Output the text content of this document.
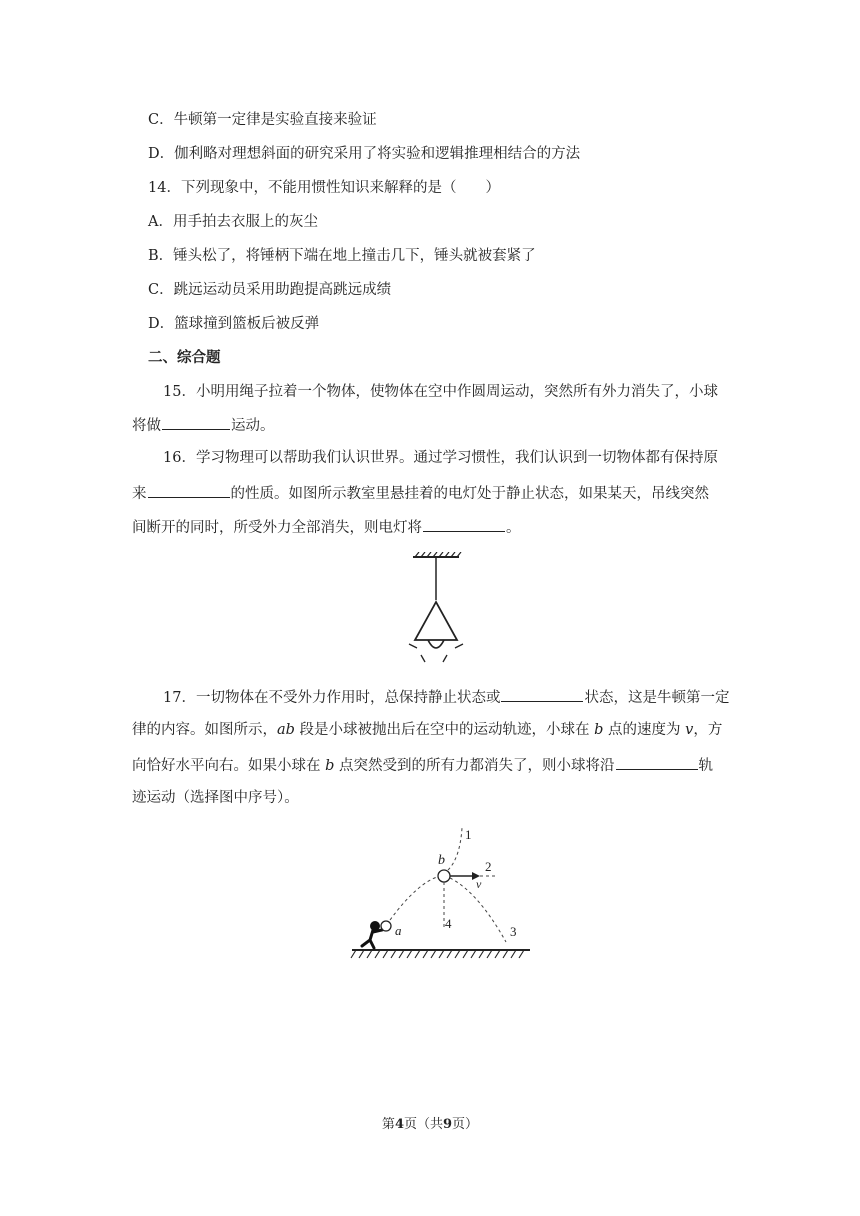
C．牛顿第一定律是实验直接来验证
D．伽利略对理想斜面的研究采用了将实验和逻辑推理相结合的方法
14．下列现象中，不能用惯性知识来解释的是（　　）
A．用手拍去衣服上的灰尘
B．锤头松了，将锤柄下端在地上撞击几下，锤头就被套紧了
C．跳远运动员采用助跑提高跳远成绩
D．篮球撞到篮板后被反弹
二、综合题
15．小明用绳子拉着一个物体，使物体在空中作圆周运动，突然所有外力消失了，小球
将做	运动。
16．学习物理可以帮助我们认识世界。通过学习惯性，我们认识到一切物体都有保持原
来	的性质。如图所示教室里悬挂着的电灯处于静止状态，如果某天，吊线突然
间断开的同时，所受外力全部消失，则电灯将	。
17．一切物体在不受外力作用时，总保持静止状态或	状态，这是牛顿第一定
律的内容。如图所示，ab 段是小球被抛出后在空中的运动轨迹，小球在 b 点的速度为 v，方
向恰好水平向右。如果小球在 b 点突然受到的所有力都消失了，则小球将沿	轨
迹运动（选择图中序号）。
a
b
v
2
1
4
3
第4页（共9页）
